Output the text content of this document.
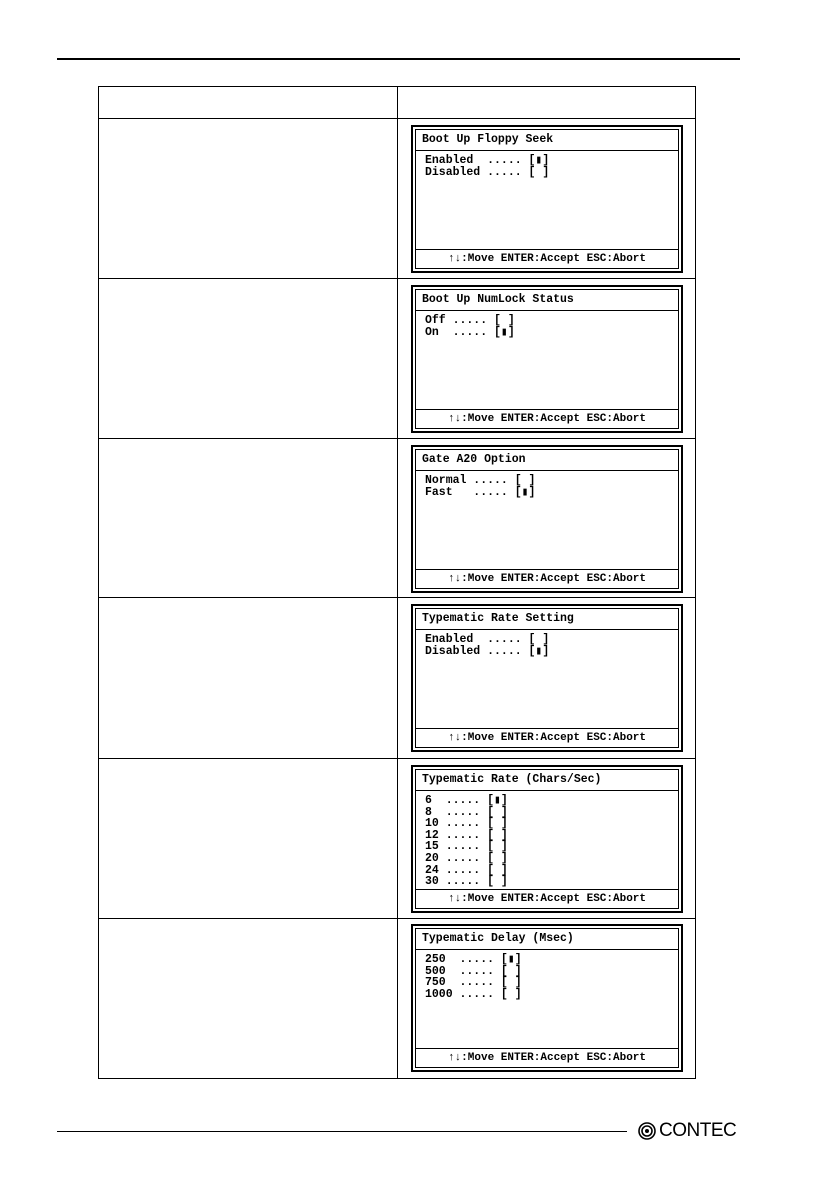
Boot Up Floppy Seek
Enabled  ..... [▮]
Disabled ..... [ ]
↑↓:Move ENTER:Accept ESC:Abort
Boot Up NumLock Status
Off ..... [ ]
On  ..... [▮]
↑↓:Move ENTER:Accept ESC:Abort
Gate A20 Option
Normal ..... [ ]
Fast   ..... [▮]
↑↓:Move ENTER:Accept ESC:Abort
Typematic Rate Setting
Enabled  ..... [ ]
Disabled ..... [▮]
↑↓:Move ENTER:Accept ESC:Abort
Typematic Rate (Chars/Sec)
6  ..... [▮]
8  ..... [ ]
10 ..... [ ]
12 ..... [ ]
15 ..... [ ]
20 ..... [ ]
24 ..... [ ]
30 ..... [ ]
↑↓:Move ENTER:Accept ESC:Abort
Typematic Delay (Msec)
250  ..... [▮]
500  ..... [ ]
750  ..... [ ]
1000 ..... [ ]
↑↓:Move ENTER:Accept ESC:Abort
CONTEC
